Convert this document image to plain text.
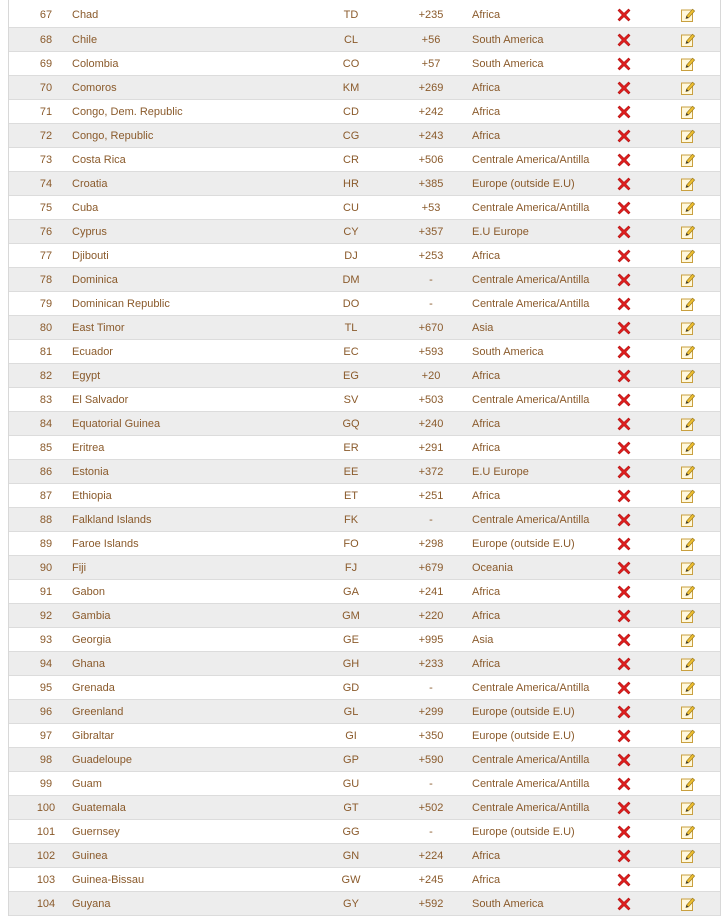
67	Chad	TD	+235	Africa
68	Chile	CL	+56	South America
69	Colombia	CO	+57	South America
70	Comoros	KM	+269	Africa
71	Congo, Dem. Republic	CD	+242	Africa
72	Congo, Republic	CG	+243	Africa
73	Costa Rica	CR	+506	Centrale America/Antilla
74	Croatia	HR	+385	Europe (outside E.U)
75	Cuba	CU	+53	Centrale America/Antilla
76	Cyprus	CY	+357	E.U Europe
77	Djibouti	DJ	+253	Africa
78	Dominica	DM	-	Centrale America/Antilla
79	Dominican Republic	DO	-	Centrale America/Antilla
80	East Timor	TL	+670	Asia
81	Ecuador	EC	+593	South America
82	Egypt	EG	+20	Africa
83	El Salvador	SV	+503	Centrale America/Antilla
84	Equatorial Guinea	GQ	+240	Africa
85	Eritrea	ER	+291	Africa
86	Estonia	EE	+372	E.U Europe
87	Ethiopia	ET	+251	Africa
88	Falkland Islands	FK	-	Centrale America/Antilla
89	Faroe Islands	FO	+298	Europe (outside E.U)
90	Fiji	FJ	+679	Oceania
91	Gabon	GA	+241	Africa
92	Gambia	GM	+220	Africa
93	Georgia	GE	+995	Asia
94	Ghana	GH	+233	Africa
95	Grenada	GD	-	Centrale America/Antilla
96	Greenland	GL	+299	Europe (outside E.U)
97	Gibraltar	GI	+350	Europe (outside E.U)
98	Guadeloupe	GP	+590	Centrale America/Antilla
99	Guam	GU	-	Centrale America/Antilla
100	Guatemala	GT	+502	Centrale America/Antilla
101	Guernsey	GG	-	Europe (outside E.U)
102	Guinea	GN	+224	Africa
103	Guinea-Bissau	GW	+245	Africa
104	Guyana	GY	+592	South America
